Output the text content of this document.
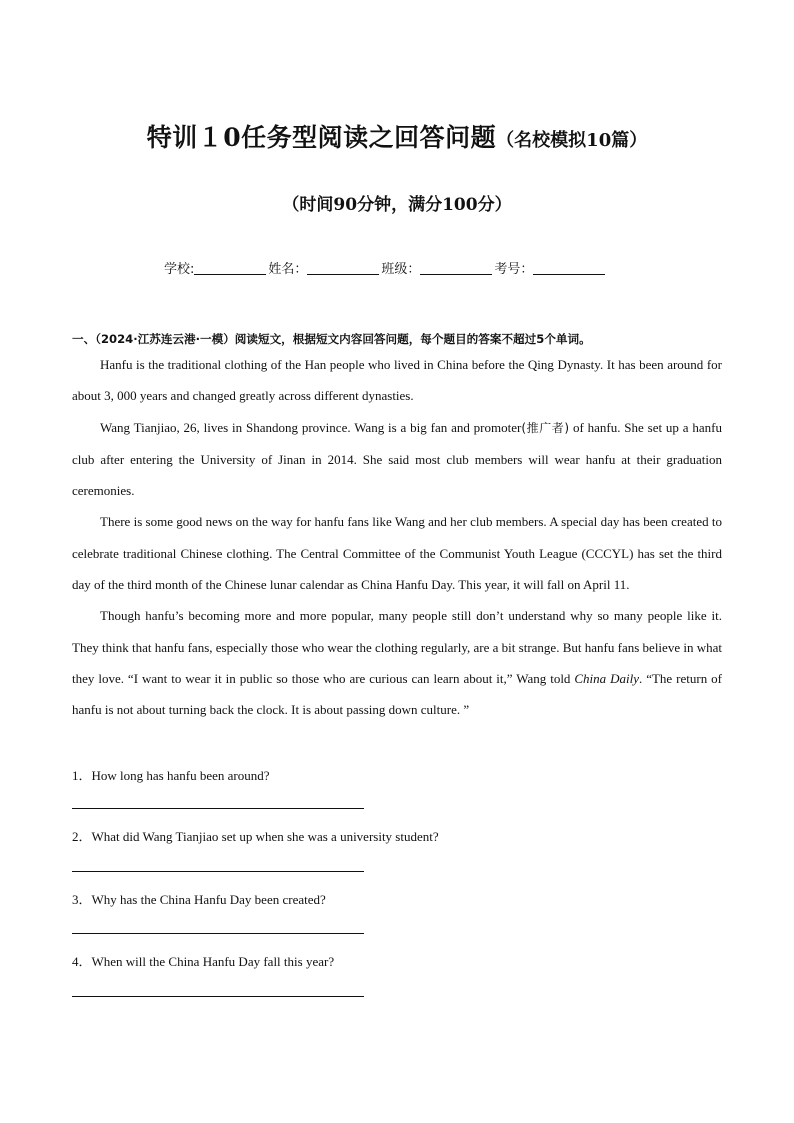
特训１0任务型阅读之回答问题（名校模拟10篇）
（时间90分钟，满分100分）
学校:	姓名：	班级：	考号：
一、（2024·江苏连云港·一模）阅读短文，根据短文内容回答问题，每个题目的答案不超过5个单词。

Hanfu is the traditional clothing of the Han people who lived in China before the Qing Dynasty. It has been around for about 3, 000 years and changed greatly across different dynasties.

Wang Tianjiao, 26, lives in Shandong province. Wang is a big fan and promoter(推广者) of hanfu. She set up a hanfu club after entering the University of Jinan in 2014. She said most club members will wear hanfu at their graduation ceremonies.

There is some good news on the way for hanfu fans like Wang and her club members. A special day has been created to celebrate traditional Chinese clothing. The Central Committee of the Communist Youth League (CCCYL) has set the third day of the third month of the Chinese lunar calendar as China Hanfu Day. This year, it will fall on April 11.

Though hanfu’s becoming more and more popular, many people still don’t understand why so many people like it. They think that hanfu fans, especially those who wear the clothing regularly, are a bit strange. But hanfu fans believe in what they love. “I want to wear it in public so those who are curious can learn about it,” Wang told China Daily. “The return of hanfu is not about turning back the clock. It is about passing down culture. ”

1．How long has hanfu been around?
2．What did Wang Tianjiao set up when she was a university student?
3．Why has the China Hanfu Day been created?
4．When will the China Hanfu Day fall this year?
